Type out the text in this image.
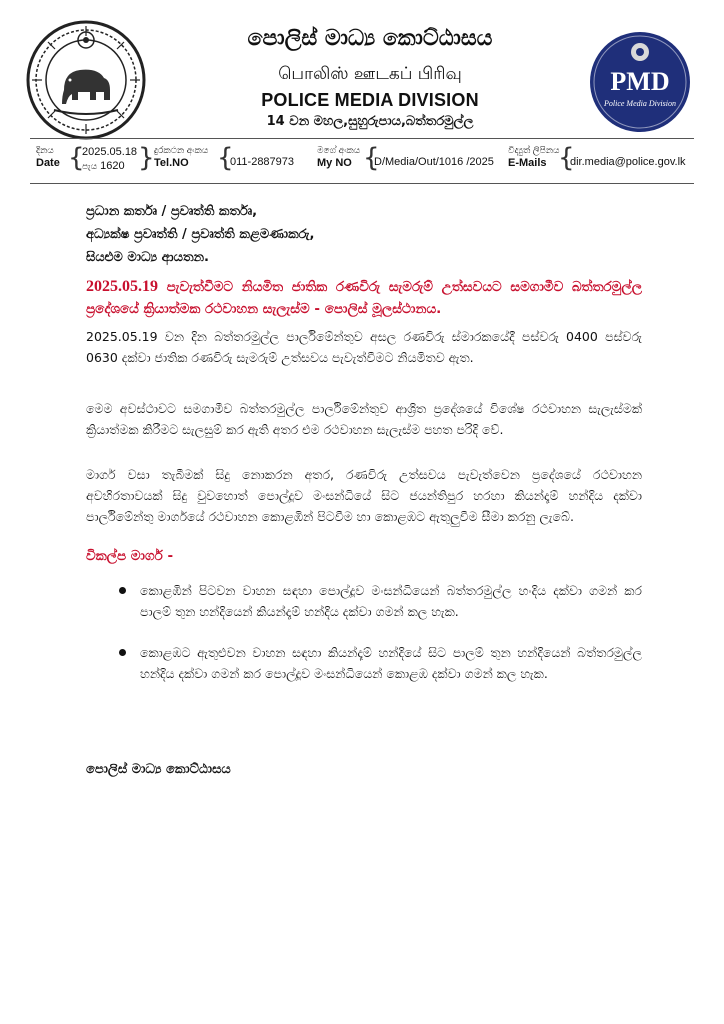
පොලිස් මාධ්‍ය කොට්ඨාසය
பொலிஸ் ஊடகப் பிரிவு
POLICE MEDIA DIVISION
14 වන මහල,සුහුරුපාය,බත්තරමුල්ල
PMD
Police Media Division
දිනය
Date {
2025.05.18
පැය 1620 } දුරකථන අංකය
Tel.NO	{
011-2887973
මගේ අංකය
My NO {
D/Media/Out/1016 /2025
විද්‍යුත් ලිපිනය
E-Mails {
dir.media@police.gov.lk
ප්‍රධාන කර්තෘ / ප්‍රවෘත්ති කර්තෘ,
අධ්‍යක්ෂ ප්‍රවෘත්ති / ප්‍රවෘත්ති කළමණාකරු,
සියළුම මාධ්‍ය ආයතන.
2025.05.19 පැවැත්වීමට නියමිත ජාතික රණවිරු සැමරුම් උත්සවයට සමගාමීව බත්තරමුල්ල ප්‍රදේශයේ ක්‍රියාත්මක රථවාහන සැලැස්ම - පොලිස් මූලස්ථානය.
2025.05.19 වන දින බත්තරමුල්ල පාර්ලිමේන්තුව අසල රණවිරු ස්මාරකයේදී පස්වරු 0400 පස්වරු 0630 දක්වා ජාතික රණවිරු සැමරුම් උත්සවය පැවැත්වීමට නියමිතව ඇත.
මෙම අවස්ථාවට සමගාමීව බත්තරමුල්ල පාර්ලිමේන්තුව ආශ්‍රිත ප්‍රදේශයේ විශේෂ රථවාහන සැලැස්මක් ක්‍රියාත්මක කිරීමට සැලසුම් කර ඇති අතර එම රථවාහන සැලැස්ම පහත පරිදි වේ.
මාර්ග වසා තැබීමක් සිදු නොකරන අතර, රණවිරු උත්සවය පැවැත්වෙන ප්‍රදේශයේ රථවාහන අවහිරතාවයක් සිදු වුවහොත් පොල්දූව මංසන්ධියේ සිට ජයන්තිපුර හරහා කියන්දෑම් හන්දිය දක්වා පාර්ලිමේන්තු මාර්ගයේ රථවාහන කොළඹින් පිටවීම හා කොළඹට ඇතුලුවීම සීමා කරනු ලැබේ.
විකල්ප මාර්ග -
කොළඹින් පිටවන වාහන සඳහා පොල්දූව මංසන්ධියෙන් බත්තරමුල්ල හංදිය දක්වා ගමන් කර පාලම් තුන හන්දියෙන් කියන්දෑම් හන්දිය දක්වා ගමන් කල හැක.
කොළඹට ඇතුළුවන වාහන සඳහා කියන්දෑම් හන්දියේ සිට පාලම් තුන හන්දියෙන් බත්තරමුල්ල හන්දිය දක්වා ගමන් කර පොල්දූව මංසන්ධියෙන් කොළඹ දක්වා ගමන් කල හැක.
පොලිස් මාධ්‍ය කොට්ඨාසය
